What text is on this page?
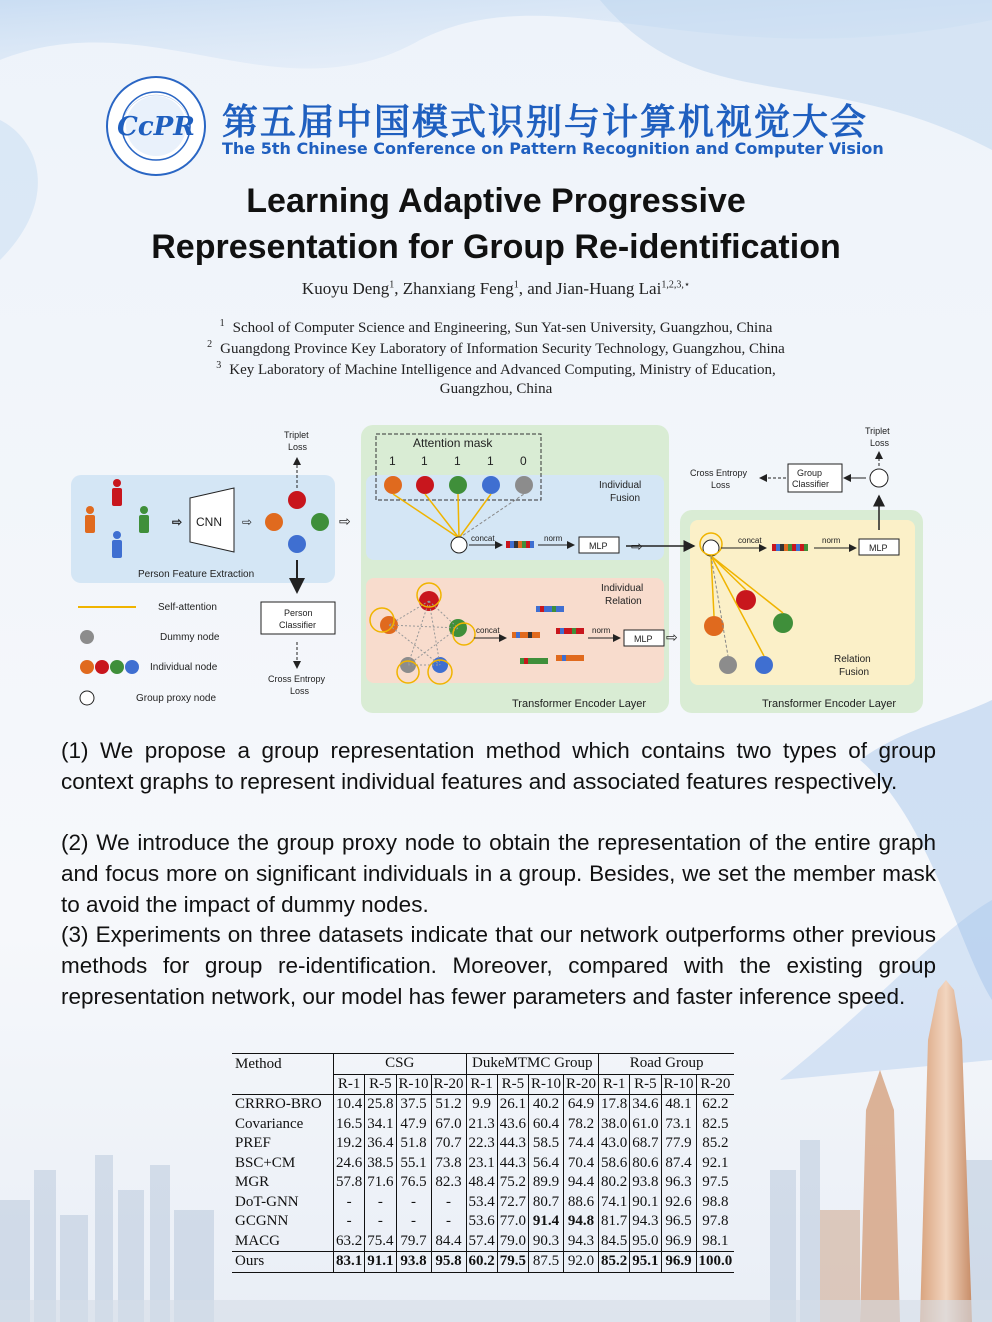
CcPR 第五届中国模式识别与计算机视觉大会
The 5th Chinese Conference on Pattern Recognition and Computer Vision
Learning Adaptive Progressive
Representation for Group Re-identification
Kuoyu Deng$^1$, Zhanxiang Feng$^1$, and Jian-Huang Lai$^{1,2,3,⋆}$
$^1$ School of Computer Science and Engineering, Sun Yat-sen University, Guangzhou, China
$^2$ Guangdong Province Key Laboratory of Information Security Technology, Guangzhou, China
$^3$ Key Laboratory of Machine Intelligence and Advanced Computing, Ministry of Education,
Guangzhou, China
⇨ CNN ⇨
Person Feature Extraction
Triplet
Loss
⇨
Self-attention
Dummy node
Individual node
Group proxy node
Person
Classifier
Cross Entropy
Loss
Attention mask
1 1 1 1 0
Individual
Fusion
concat	norm
MLP ⇨
Individual
Relation
concat	norm
MLP ⇨
Transformer Encoder Layer
Relation
Fusion
concat	norm
MLP
Triplet
Loss
Group
Classifier
Cross Entropy
Loss
Transformer Encoder Layer
(1) We propose a group representation method which contains two types of group context graphs to represent individual features and associated features respectively.
(2) We introduce the group proxy node to obtain the representation of the entire graph and focus more on significant individuals in a group. Besides, we set the member mask to avoid the impact of dummy nodes.
(3) Experiments on three datasets indicate that our network outperforms other previous methods for group re-identification. Moreover, compared with the existing group representation network, our model has fewer parameters and faster inference speed.
Method	CSG				DukeMTMC Group				Road Group			
	R-1	R-5	R-10	R-20	R-1	R-5	R-10	R-20	R-1	R-5	R-10	R-20
CRRRO-BRO	10.4	25.8	37.5	51.2	9.9	26.1	40.2	64.9	17.8	34.6	48.1	62.2
Covariance	16.5	34.1	47.9	67.0	21.3	43.6	60.4	78.2	38.0	61.0	73.1	82.5
PREF	19.2	36.4	51.8	70.7	22.3	44.3	58.5	74.4	43.0	68.7	77.9	85.2
BSC+CM	24.6	38.5	55.1	73.8	23.1	44.3	56.4	70.4	58.6	80.6	87.4	92.1
MGR	57.8	71.6	76.5	82.3	48.4	75.2	89.9	94.4	80.2	93.8	96.3	97.5
DoT-GNN	-	-	-	-	53.4	72.7	80.7	88.6	74.1	90.1	92.6	98.8
GCGNN	-	-	-	-	53.6	77.0	91.4	94.8	81.7	94.3	96.5	97.8
MACG	63.2	75.4	79.7	84.4	57.4	79.0	90.3	94.3	84.5	95.0	96.9	98.1
Ours	83.1	91.1	93.8	95.8	60.2	79.5	87.5	92.0	85.2	95.1	96.9	100.0
